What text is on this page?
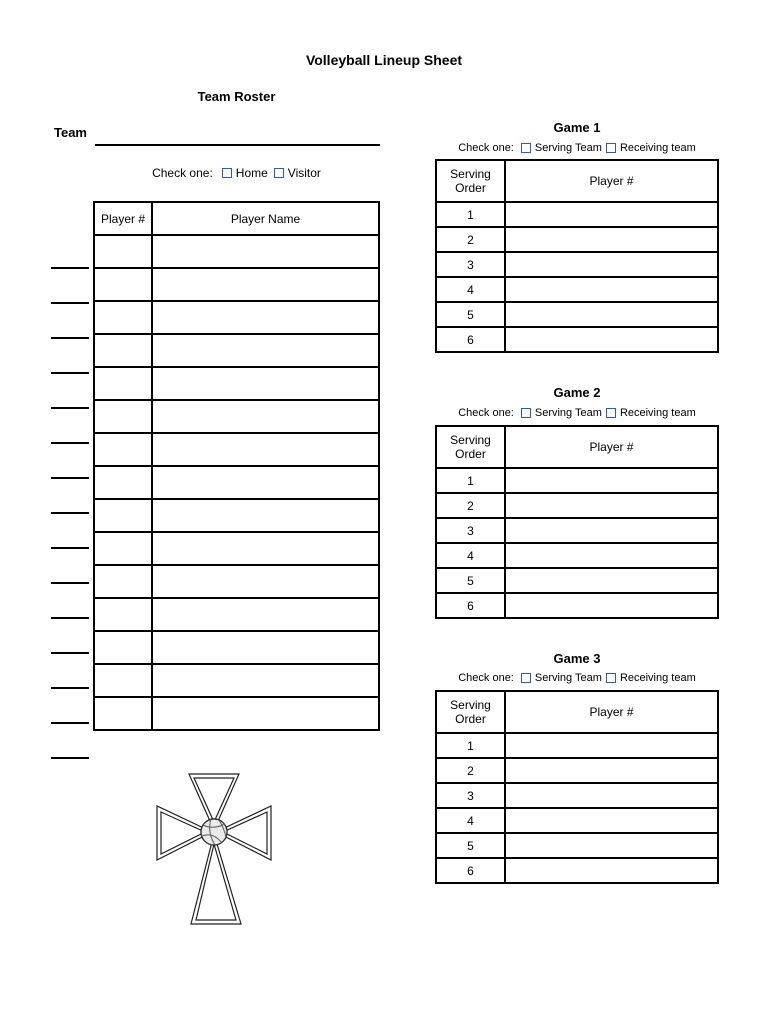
Volleyball Lineup Sheet
Team Roster
Team
Check one: Home Visitor
Player #	Player Name

Game 1
Check one: Serving Team Receiving team
Serving Order	Player #
1	
2	
3	
4	
5	
6	
Game 2
Check one: Serving Team Receiving team
Serving Order	Player #
1	
2	
3	
4	
5	
6	
Game 3
Check one: Serving Team Receiving team
Serving Order	Player #
1	
2	
3	
4	
5	
6	
